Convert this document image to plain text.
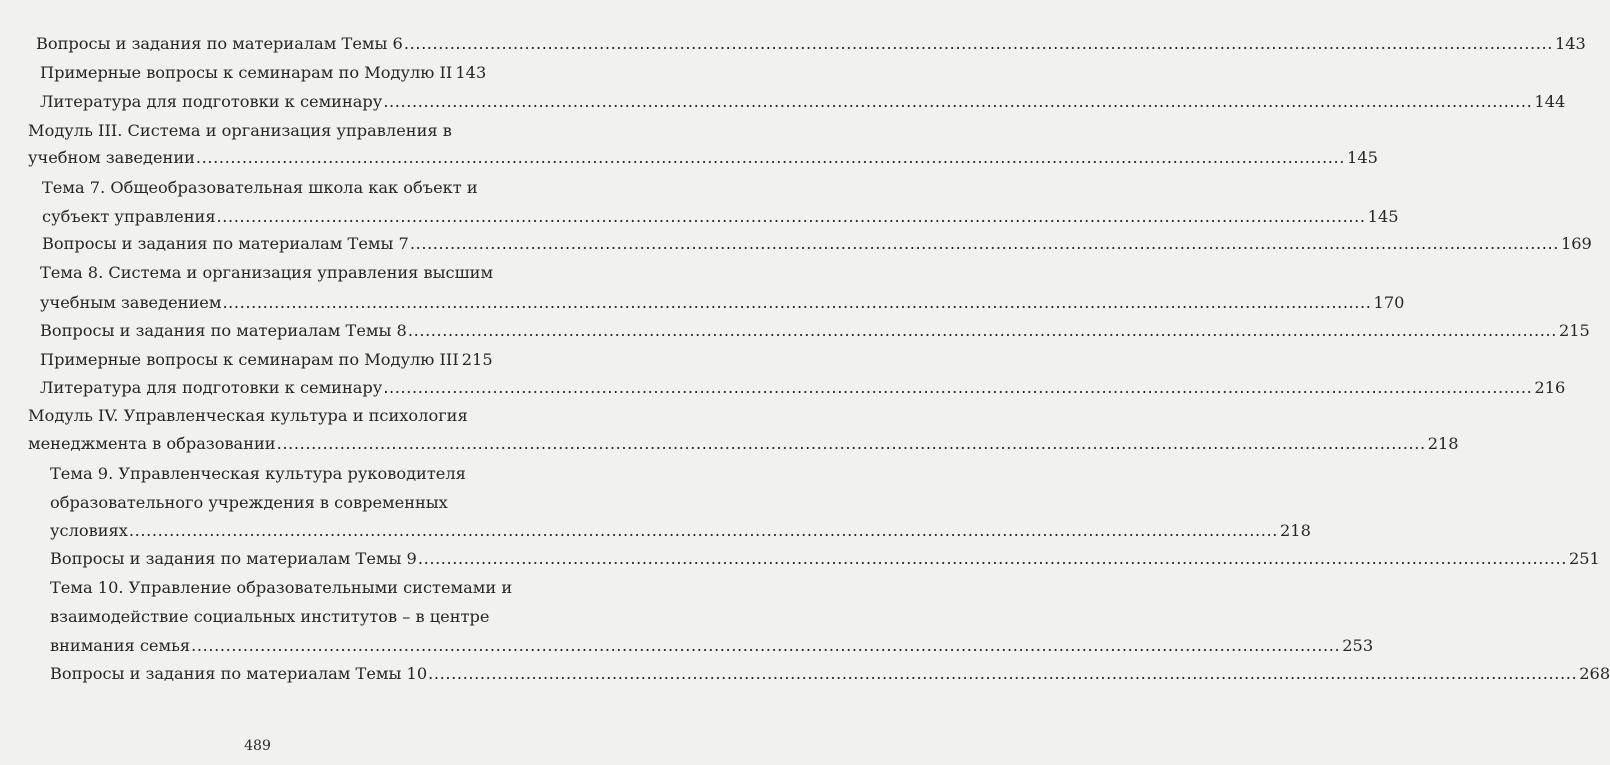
Вопросы и задания по материалам Темы 6 .....	143
Примерные вопросы к семинарам по Модулю II 143
Литература для подготовки к семинару .....	144
Модуль III. Система и организация управления в
учебном заведении .....	145
Тема 7. Общеобразовательная школа как объект и
субъект управления .....	145
Вопросы и задания по материалам Темы 7 .....	169
Тема 8. Система и организация управления высшим
учебным заведением .....	170
Вопросы и задания по материалам Темы 8 .....	215
Примерные вопросы к семинарам по Модулю III 215
Литература для подготовки к семинару .....	216
Модуль IV. Управленческая культура и психология
менеджмента в образовании .....	218
Тема 9. Управленческая культура руководителя
образовательного учреждения в современных
условиях .....	218
Вопросы и задания по материалам Темы 9 .....	251
Тема 10. Управление образовательными системами и
взаимодействие социальных институтов – в центре
внимания семья .....	253
Вопросы и задания по материалам Темы 10 .....	268
489
